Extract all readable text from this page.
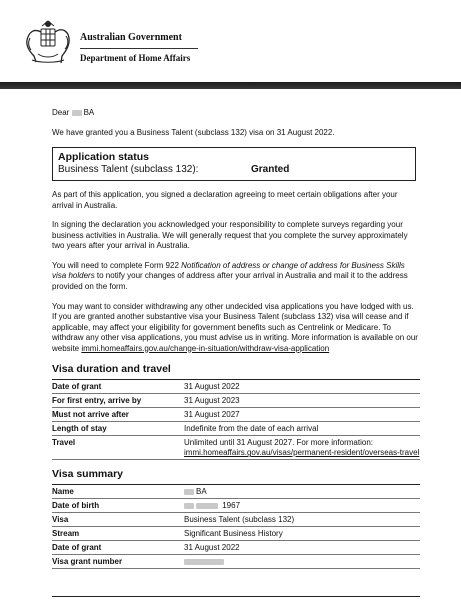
Australian Government
Department of Home Affairs
Dear BA
We have granted you a Business Talent (subclass 132) visa on 31 August 2022.
Application status
Business Talent (subclass 132):	Granted
As part of this application, you signed a declaration agreeing to meet certain obligations after your arrival in Australia.
In signing the declaration you acknowledged your responsibility to complete surveys regarding your business activities in Australia. We will generally request that you complete the survey approximately two years after your arrival in Australia.
You will need to complete Form 922 Notification of address or change of address for Business Skills visa holders to notify your changes of address after your arrival in Australia and mail it to the address provided on the form.
You may want to consider withdrawing any other undecided visa applications you have lodged with us. If you are granted another substantive visa your Business Talent (subclass 132) visa will cease and if applicable, may affect your eligibility for government benefits such as Centrelink or Medicare. To withdraw any other visa applications, you must advise us in writing. More information is available on our website immi.homeaffairs.gov.au/change-in-situation/withdraw-visa-application
Visa duration and travel
Date of grant	31 August 2022
For first entry, arrive by	31 August 2023
Must not arrive after	31 August 2027
Length of stay	Indefinite from the date of each arrival
Travel	Unlimited until 31 August 2027. For more information: immi.homeaffairs.gov.au/visas/permanent-resident/overseas-travel
Visa summary
Name	BA
Date of birth	1967
Visa	Business Talent (subclass 132)
Stream	Significant Business History
Date of grant	31 August 2022
Visa grant number	
